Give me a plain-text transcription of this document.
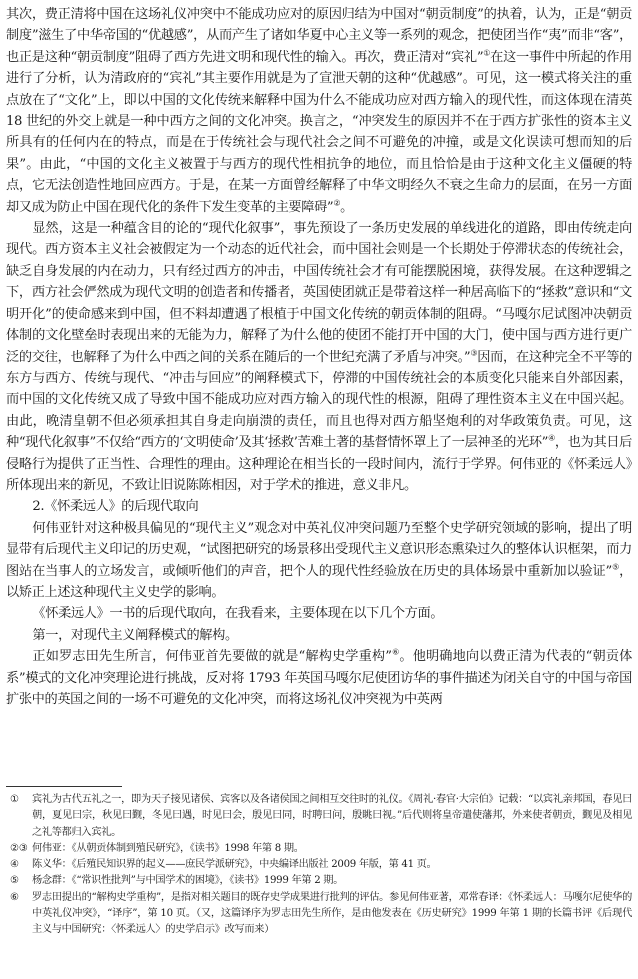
其次，费正清将中国在这场礼仪冲突中不能成功应对的原因归结为中国对“朝贡制度”的执着，认为，正是“朝贡制度”滋生了中华帝国的“优越感”，从而产生了诸如华夏中心主义等一系列的观念，把使团当作“夷”而非“客”，也正是这种“朝贡制度”阻碍了西方先进文明和现代性的输入。再次，费正清对“宾礼”①在这一事件中所起的作用进行了分析，认为清政府的“宾礼”其主要作用就是为了宣泄天朝的这种“优越感”。可见，这一模式将关注的重点放在了“文化”上，即以中国的文化传统来解释中国为什么不能成功应对西方输入的现代性，而这体现在清英 18 世纪的外交上就是一种中西方之间的文化冲突。换言之，“冲突发生的原因并不在于西方扩张性的资本主义所具有的任何内在的特点，而是在于传统社会与现代社会之间不可避免的冲撞，或是文化误读可想而知的后果”。由此，“中国的文化主义被置于与西方的现代性相抗争的地位，而且恰恰是由于这种文化主义僵硬的特点，它无法创造性地回应西方。于是，在某一方面曾经解释了中华文明经久不衰之生命力的层面，在另一方面却又成为防止中国在现代化的条件下发生变革的主要障碍”②。

显然，这是一种蕴含目的论的“现代化叙事”，事先预设了一条历史发展的单线进化的道路，即由传统走向现代。西方资本主义社会被假定为一个动态的近代社会，而中国社会则是一个长期处于停滞状态的传统社会，缺乏自身发展的内在动力，只有经过西方的冲击，中国传统社会才有可能摆脱困境，获得发展。在这种逻辑之下，西方社会俨然成为现代文明的创造者和传播者，英国使团就正是带着这样一种居高临下的“拯救”意识和“文明开化”的使命感来到中国，但不料却遭遇了根植于中国文化传统的朝贡体制的阻碍。“马嘎尔尼试图冲决朝贡体制的文化壁垒时表现出来的无能为力，解释了为什么他的使团不能打开中国的大门，使中国与西方进行更广泛的交往，也解释了为什么中西之间的关系在随后的一个世纪充满了矛盾与冲突。”③因而，在这种完全不平等的东方与西方、传统与现代、“冲击与回应”的阐释模式下，停滞的中国传统社会的本质变化只能来自外部因素，而中国的文化传统又成了导致中国不能成功应对西方输入的现代性的根源，阻碍了理性资本主义在中国兴起。由此，晚清皇朝不但必须承担其自身走向崩溃的责任，而且也得对西方船坚炮利的对华政策负责。可见，这种“现代化叙事”不仅给“西方的‘文明使命’及其‘拯救’苦难土著的基督情怀罩上了一层神圣的光环”④，也为其日后侵略行为提供了正当性、合理性的理由。这种理论在相当长的一段时间内，流行于学界。何伟亚的《怀柔远人》所体现出来的新见，不致让旧说陈陈相因，对于学术的推进，意义非凡。

2.《怀柔远人》的后现代取向

何伟亚针对这种极具偏见的“现代主义”观念对中英礼仪冲突问题乃至整个史学研究领域的影响，提出了明显带有后现代主义印记的历史观，“试图把研究的场景移出受现代主义意识形态熏染过久的整体认识框架，而力图站在当事人的立场发言，或倾听他们的声音，把个人的现代性经验放在历史的具体场景中重新加以验证”⑤，以矫正上述这种现代主义史学的影响。

《怀柔远人》一书的后现代取向，在我看来，主要体现在以下几个方面。

第一，对现代主义阐释模式的解构。

正如罗志田先生所言，何伟亚首先要做的就是“解构史学重构”⑥。他明确地向以费正清为代表的“朝贡体系”模式的文化冲突理论进行挑战，反对将 1793 年英国马嘎尔尼使团访华的事件描述为闭关自守的中国与帝国扩张中的英国之间的一场不可避免的文化冲突，而将这场礼仪冲突视为中英两

①	宾礼为古代五礼之一，即为天子接见诸侯、宾客以及各诸侯国之间相互交往时的礼仪。《周礼·春官·大宗伯》记载：“以宾礼亲邦国，春见曰朝，夏见曰宗，秋见曰觐，冬见曰遇，时见曰会，殷见曰同，时聘曰问，殷眺曰视。”后代则将皇帝遣使藩邦，外来使者朝贡，觐见及相见之礼等都归入宾礼。
②③ 何伟亚：《从朝贡体制到殖民研究》，《读书》1998 年第 8 期。
④	陈义华：《后殖民知识界的起义——庶民学派研究》，中央编译出版社 2009 年版，第 41 页。
⑤	杨念群：《“常识性批判”与中国学术的困境》，《读书》1999 年第 2 期。
⑥	罗志田提出的“解构史学重构”，是指对相关题目的既存史学成果进行批判的评估。参见何伟亚著，邓常春译：《怀柔远人：马嘎尔尼使华的中英礼仪冲突》，“译序”，第 10 页。（又，这篇译序为罗志田先生所作，是由他发表在《历史研究》1999 年第 1 期的长篇书评《后现代主义与中国研究：〈怀柔远人〉的史学启示》改写而来）
